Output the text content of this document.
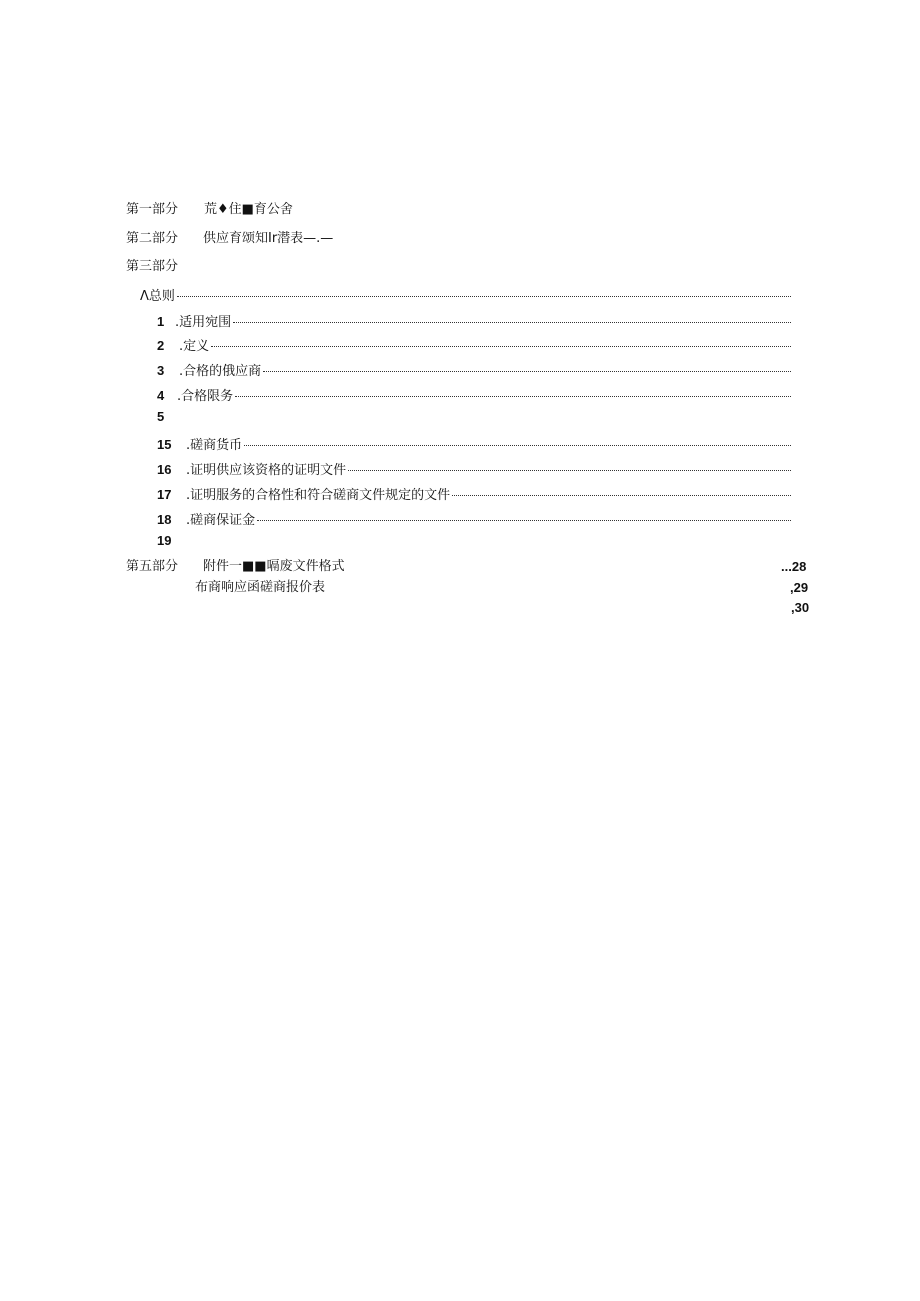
第一部分 荒♦住■育公舍
第二部分 供应育颂知Ir潜表—.—
第三部分
Λ总则
1 .适用宛围
2	.定义
3	.合格的俄应商
4 .合格限务
5
15	.磋商货币
16	.证明供应该资格的证明文件
17	.证明服务的合格性和符合磋商文件规定的文件
18	.磋商保证金
19
第五部分 附件一■■嗝废文件格式	...28
布商响应函磋商报价表	,29
,30
